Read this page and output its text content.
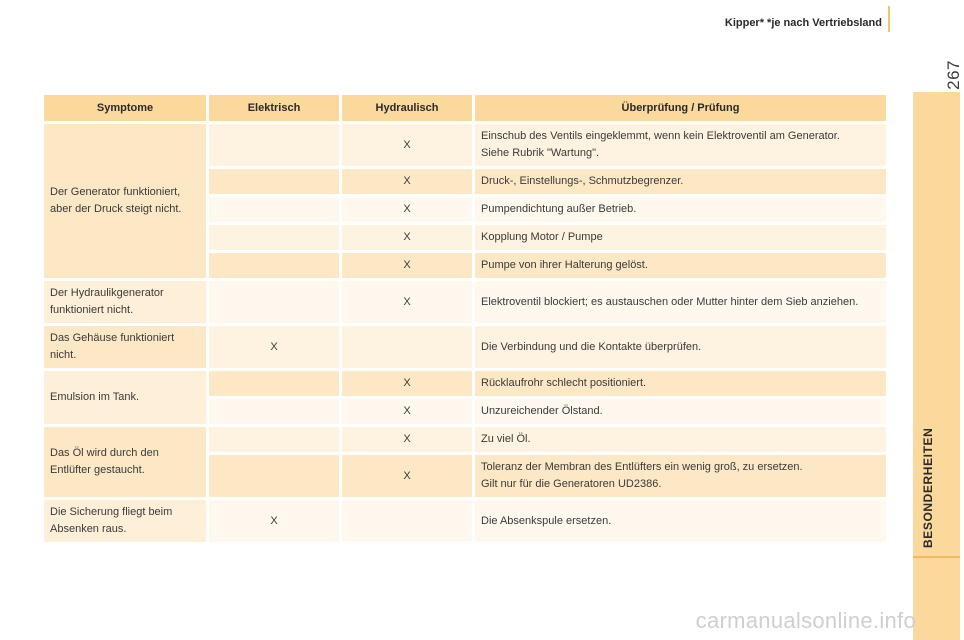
Kipper* *je nach Vertriebsland
267
BESONDERHEITEN
Symptome	Elektrisch	Hydraulisch	Überprüfung / Prüfung
Der Generator funktioniert, aber der Druck steigt nicht.		X	Einschub des Ventils eingeklemmt, wenn kein Elektroventil am Generator.
Siehe Rubrik "Wartung".

		X	Druck-, Einstellungs-, Schmutzbegrenzer.

		X	Pumpendichtung außer Betrieb.

		X	Kopplung Motor / Pumpe

		X	Pumpe von ihrer Halterung gelöst.

Der Hydraulikgenerator funktioniert nicht.		X	Elektroventil blockiert; es austauschen oder Mutter hinter dem Sieb anziehen.

Das Gehäuse funktioniert nicht.	X		Die Verbindung und die Kontakte überprüfen.

Emulsion im Tank.		X	Rücklaufrohr schlecht positioniert.

		X	Unzureichender Ölstand.

Das Öl wird durch den Entlüfter gestaucht.		X	Zu viel Öl.

		X	Toleranz der Membran des Entlüfters ein wenig groß, zu ersetzen.
Gilt nur für die Generatoren UD2386.

Die Sicherung fliegt beim Absenken raus.	X		Die Absenkspule ersetzen.
carmanualsonline.info
